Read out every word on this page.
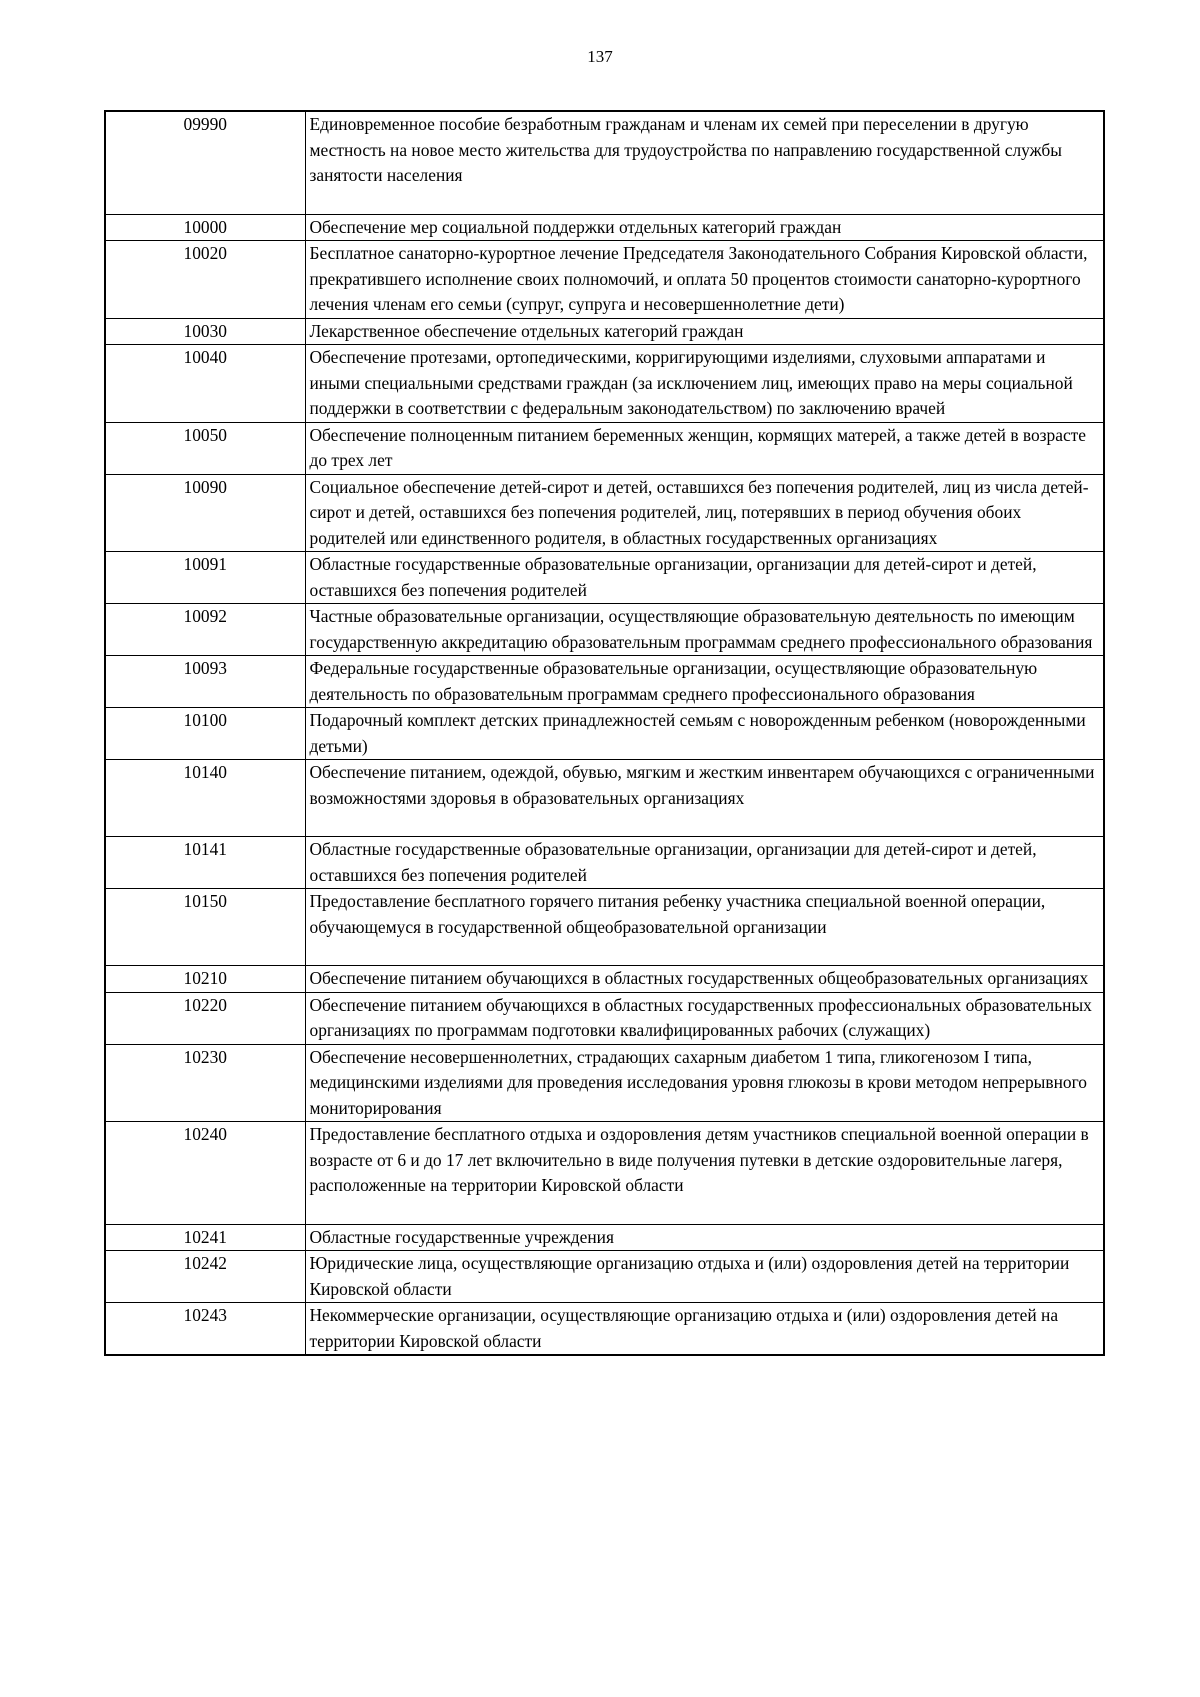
137
09990	Единовременное пособие безработным гражданам и членам их семей при переселении в другую местность на новое место жительства для трудоустройства по направлению государственной службы занятости населения

10000	Обеспечение мер социальной поддержки отдельных категорий граждан

10020	Бесплатное санаторно-курортное лечение Председателя Законодательного Собрания Кировской области, прекратившего исполнение своих полномочий, и оплата 50 процентов стоимости санаторно-курортного лечения членам его семьи (супруг, супруга и несовершеннолетние дети)

10030	Лекарственное обеспечение отдельных категорий граждан

10040	Обеспечение протезами, ортопедическими, корригирующими изделиями, слуховыми аппаратами и иными специальными средствами граждан (за исключением лиц, имеющих право на меры социальной поддержки в соответствии с федеральным законодательством) по заключению врачей

10050	Обеспечение полноценным питанием беременных женщин, кормящих матерей, а также детей в возрасте до трех лет

10090	Социальное обеспечение детей-сирот и детей, оставшихся без попечения родителей, лиц из числа детей-сирот и детей, оставшихся без попечения родителей, лиц, потерявших в период обучения обоих родителей или единственного родителя, в областных государственных организациях

10091	Областные государственные образовательные организации, организации для детей-сирот и детей, оставшихся без попечения родителей

10092	Частные образовательные организации, осуществляющие образовательную деятельность по имеющим государственную аккредитацию образовательным программам среднего профессионального образования

10093	Федеральные государственные образовательные организации, осуществляющие образовательную деятельность по образовательным программам среднего профессионального образования

10100	Подарочный комплект детских принадлежностей семьям с новорожденным ребенком (новорожденными детьми)

10140	Обеспечение питанием, одеждой, обувью, мягким и жестким инвентарем обучающихся с ограниченными возможностями здоровья в образовательных организациях

10141	Областные государственные образовательные организации, организации для детей-сирот и детей, оставшихся без попечения родителей

10150	Предоставление бесплатного горячего питания ребенку участника специальной военной операции, обучающемуся в государственной общеобразовательной организации

10210	Обеспечение питанием обучающихся в областных государственных общеобразовательных организациях

10220	Обеспечение питанием обучающихся в областных государственных профессиональных образовательных организациях по программам подготовки квалифицированных рабочих (служащих)

10230	Обеспечение несовершеннолетних, страдающих сахарным диабетом 1 типа, гликогенозом I типа, медицинскими изделиями для проведения исследования уровня глюкозы в крови методом непрерывного мониторирования

10240	Предоставление бесплатного отдыха и оздоровления детям участников специальной военной операции в возрасте от 6 и до 17 лет включительно в виде получения путевки в детские оздоровительные лагеря, расположенные на территории Кировской области

10241	Областные государственные учреждения

10242	Юридические лица, осуществляющие организацию отдыха и (или) оздоровления детей на территории Кировской области

10243	Некоммерческие организации, осуществляющие организацию отдыха и (или) оздоровления детей на территории Кировской области
